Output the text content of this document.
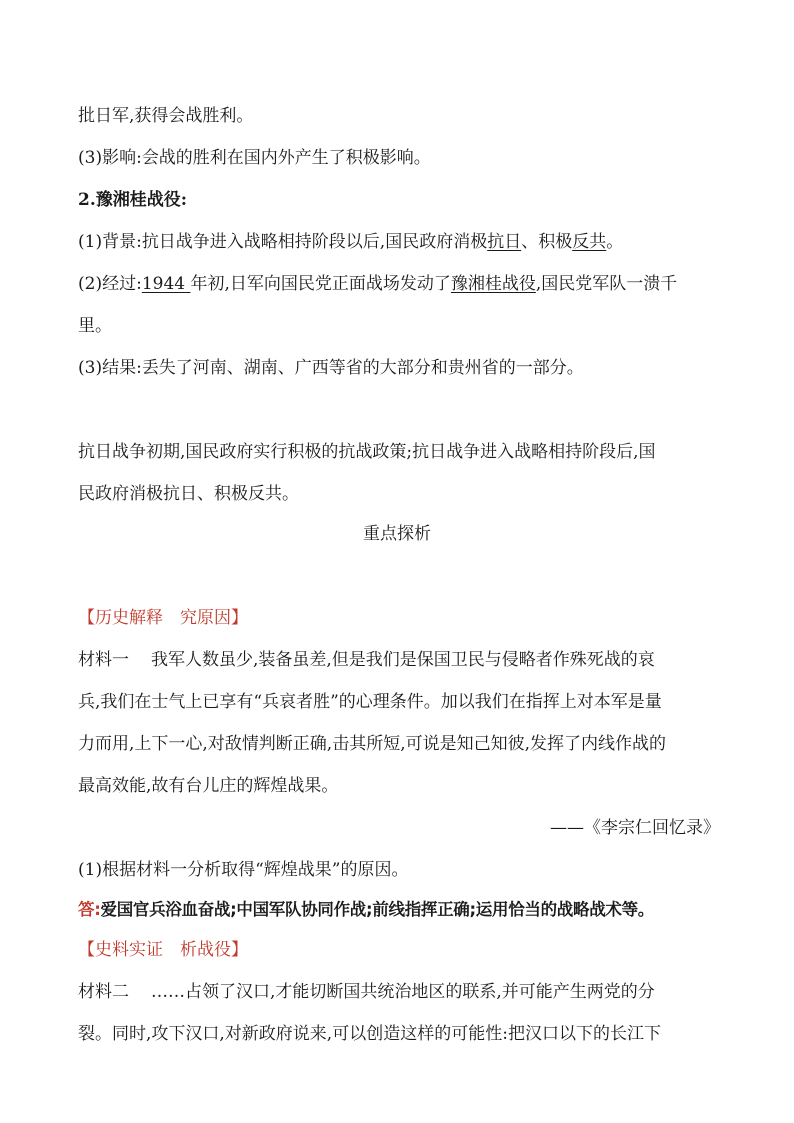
批日军,获得会战胜利。
(3)影响:会战的胜利在国内外产生了积极影响。
2.豫湘桂战役:
(1)背景:抗日战争进入战略相持阶段以后,国民政府消极抗日、积极反共。
(2)经过:1944 年初,日军向国民党正面战场发动了豫湘桂战役,国民党军队一溃千
里。
(3)结果:丢失了河南、湖南、广西等省的大部分和贵州省的一部分。
抗日战争初期,国民政府实行积极的抗战政策;抗日战争进入战略相持阶段后,国
民政府消极抗日、积极反共。
重点探析
【历史解释　究原因】
材料一 我军人数虽少,装备虽差,但是我们是保国卫民与侵略者作殊死战的哀
兵,我们在士气上已享有“兵哀者胜”的心理条件。加以我们在指挥上对本军是量
力而用,上下一心,对敌情判断正确,击其所短,可说是知己知彼,发挥了内线作战的
最高效能,故有台儿庄的辉煌战果。
——《李宗仁回忆录》
(1)根据材料一分析取得“辉煌战果”的原因。
答:爱国官兵浴血奋战;中国军队协同作战;前线指挥正确;运用恰当的战略战术等。
【史料实证　析战役】
材料二 ……占领了汉口,才能切断国共统治地区的联系,并可能产生两党的分
裂。同时,攻下汉口,对新政府说来,可以创造这样的可能性:把汉口以下的长江下
